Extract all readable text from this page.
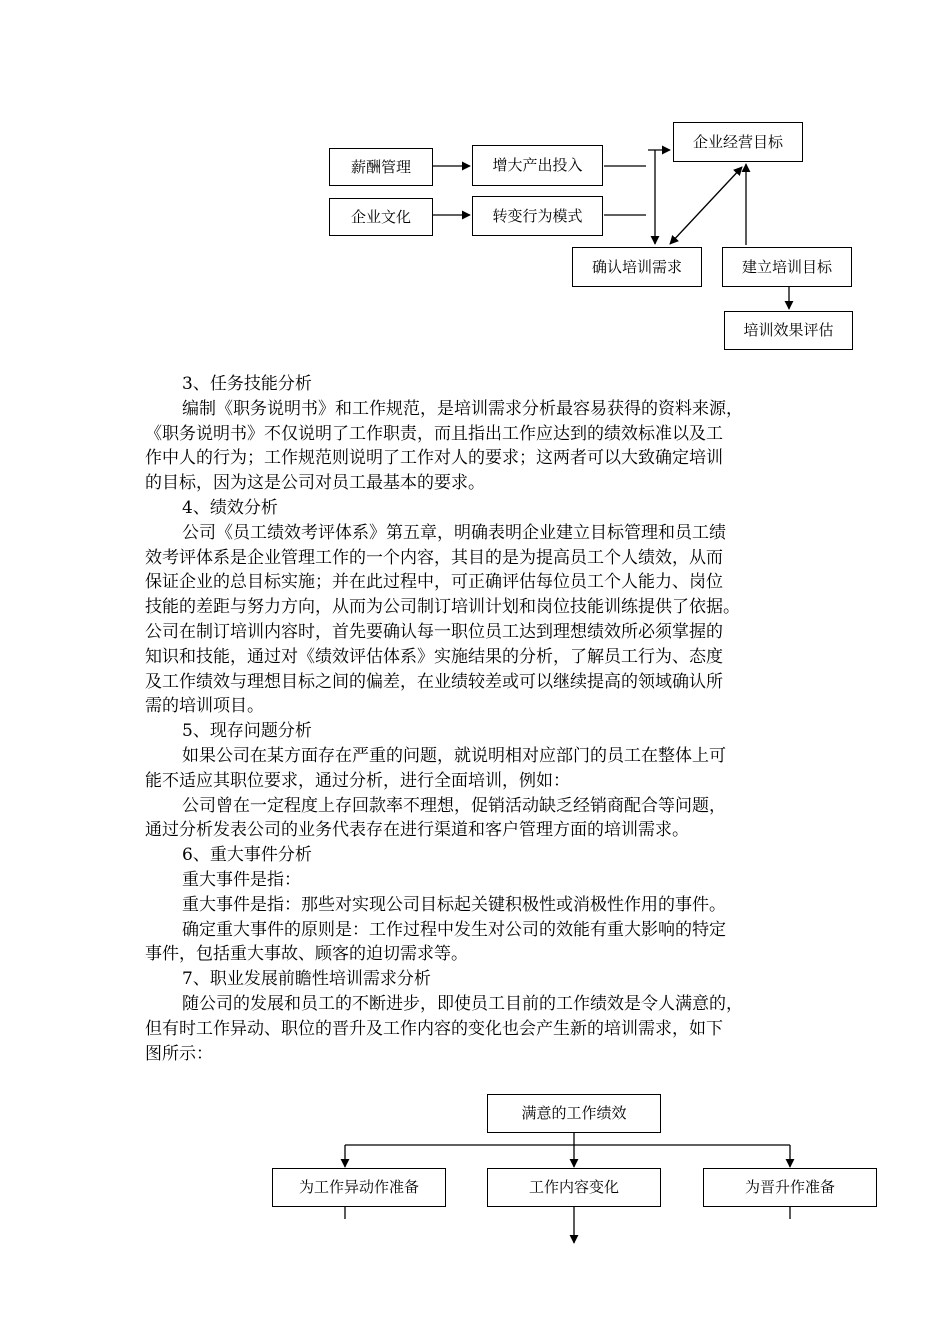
薪酬管理	增大产出投入
企业文化	转变行为模式
企业经营目标
确认培训需求	建立培训目标
培训效果评估

3、任务技能分析

编制《职务说明书》和工作规范，是培训需求分析最容易获得的资料来源，

《职务说明书》不仅说明了工作职责，而且指出工作应达到的绩效标准以及工

作中人的行为；工作规范则说明了工作对人的要求；这两者可以大致确定培训

的目标，因为这是公司对员工最基本的要求。

4、绩效分析

公司《员工绩效考评体系》第五章，明确表明企业建立目标管理和员工绩

效考评体系是企业管理工作的一个内容，其目的是为提高员工个人绩效，从而

保证企业的总目标实施；并在此过程中，可正确评估每位员工个人能力、岗位

技能的差距与努力方向，从而为公司制订培训计划和岗位技能训练提供了依据。

公司在制订培训内容时，首先要确认每一职位员工达到理想绩效所必须掌握的

知识和技能，通过对《绩效评估体系》实施结果的分析，了解员工行为、态度

及工作绩效与理想目标之间的偏差，在业绩较差或可以继续提高的领域确认所

需的培训项目。

5、现存问题分析

如果公司在某方面存在严重的问题，就说明相对应部门的员工在整体上可

能不适应其职位要求，通过分析，进行全面培训，例如：

公司曾在一定程度上存回款率不理想，促销活动缺乏经销商配合等问题，

通过分析发表公司的业务代表存在进行渠道和客户管理方面的培训需求。

6、重大事件分析

重大事件是指：

重大事件是指：那些对实现公司目标起关键积极性或消极性作用的事件。

确定重大事件的原则是：工作过程中发生对公司的效能有重大影响的特定

事件，包括重大事故、顾客的迫切需求等。

7、职业发展前瞻性培训需求分析

随公司的发展和员工的不断进步，即使员工目前的工作绩效是令人满意的，

但有时工作异动、职位的晋升及工作内容的变化也会产生新的培训需求，如下

图所示：

满意的工作绩效
为工作异动作准备	工作内容变化	为晋升作准备
